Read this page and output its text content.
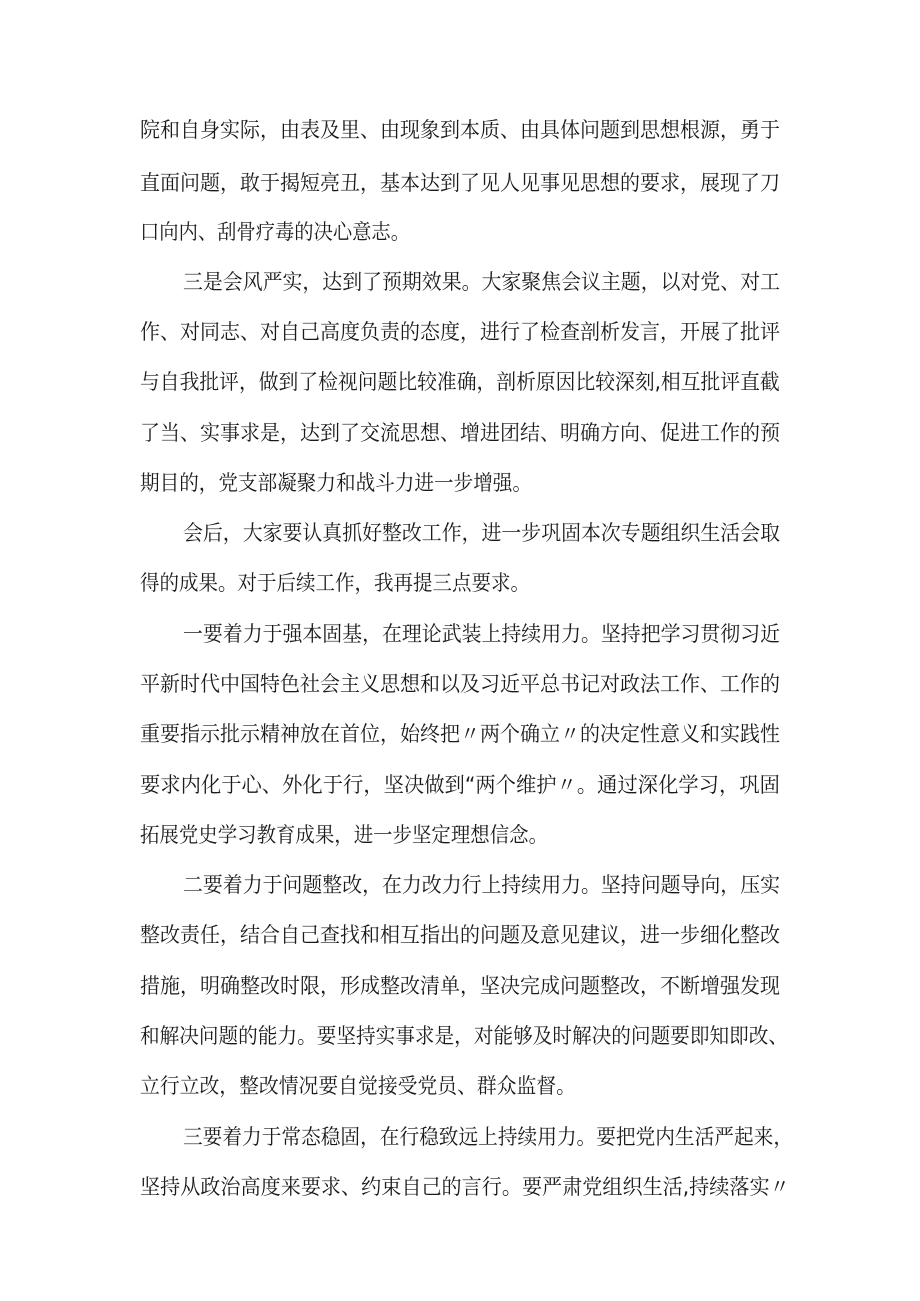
院和自身实际，由表及里、由现象到本质、由具体问题到思想根源，勇于
直面问题，敢于揭短亮丑，基本达到了见人见事见思想的要求，展现了刀
口向内、刮骨疗毒的决心意志。
三是会风严实，达到了预期效果。大家聚焦会议主题，以对党、对工
作、对同志、对自己高度负责的态度，进行了检查剖析发言，开展了批评
与自我批评，做到了检视问题比较准确，剖析原因比较深刻,相互批评直截
了当、实事求是，达到了交流思想、增进团结、明确方向、促进工作的预
期目的，党支部凝聚力和战斗力进一步增强。
会后，大家要认真抓好整改工作，进一步巩固本次专题组织生活会取
得的成果。对于后续工作，我再提三点要求。
一要着力于强本固基，在理论武装上持续用力。坚持把学习贯彻习近
平新时代中国特色社会主义思想和以及习近平总书记对政法工作、工作的
重要指示批示精神放在首位，始终把〃两个确立〃的决定性意义和实践性
要求内化于心、外化于行，坚决做到“两个维护〃。通过深化学习，巩固
拓展党史学习教育成果，进一步坚定理想信念。
二要着力于问题整改，在力改力行上持续用力。坚持问题导向，压实
整改责任，结合自己查找和相互指出的问题及意见建议，进一步细化整改
措施，明确整改时限，形成整改清单，坚决完成问题整改，不断增强发现
和解决问题的能力。要坚持实事求是，对能够及时解决的问题要即知即改、
立行立改，整改情况要自觉接受党员、群众监督。
三要着力于常态稳固，在行稳致远上持续用力。要把党内生活严起来，
坚持从政治高度来要求、约束自己的言行。要严肃党组织生活,持续落实〃
